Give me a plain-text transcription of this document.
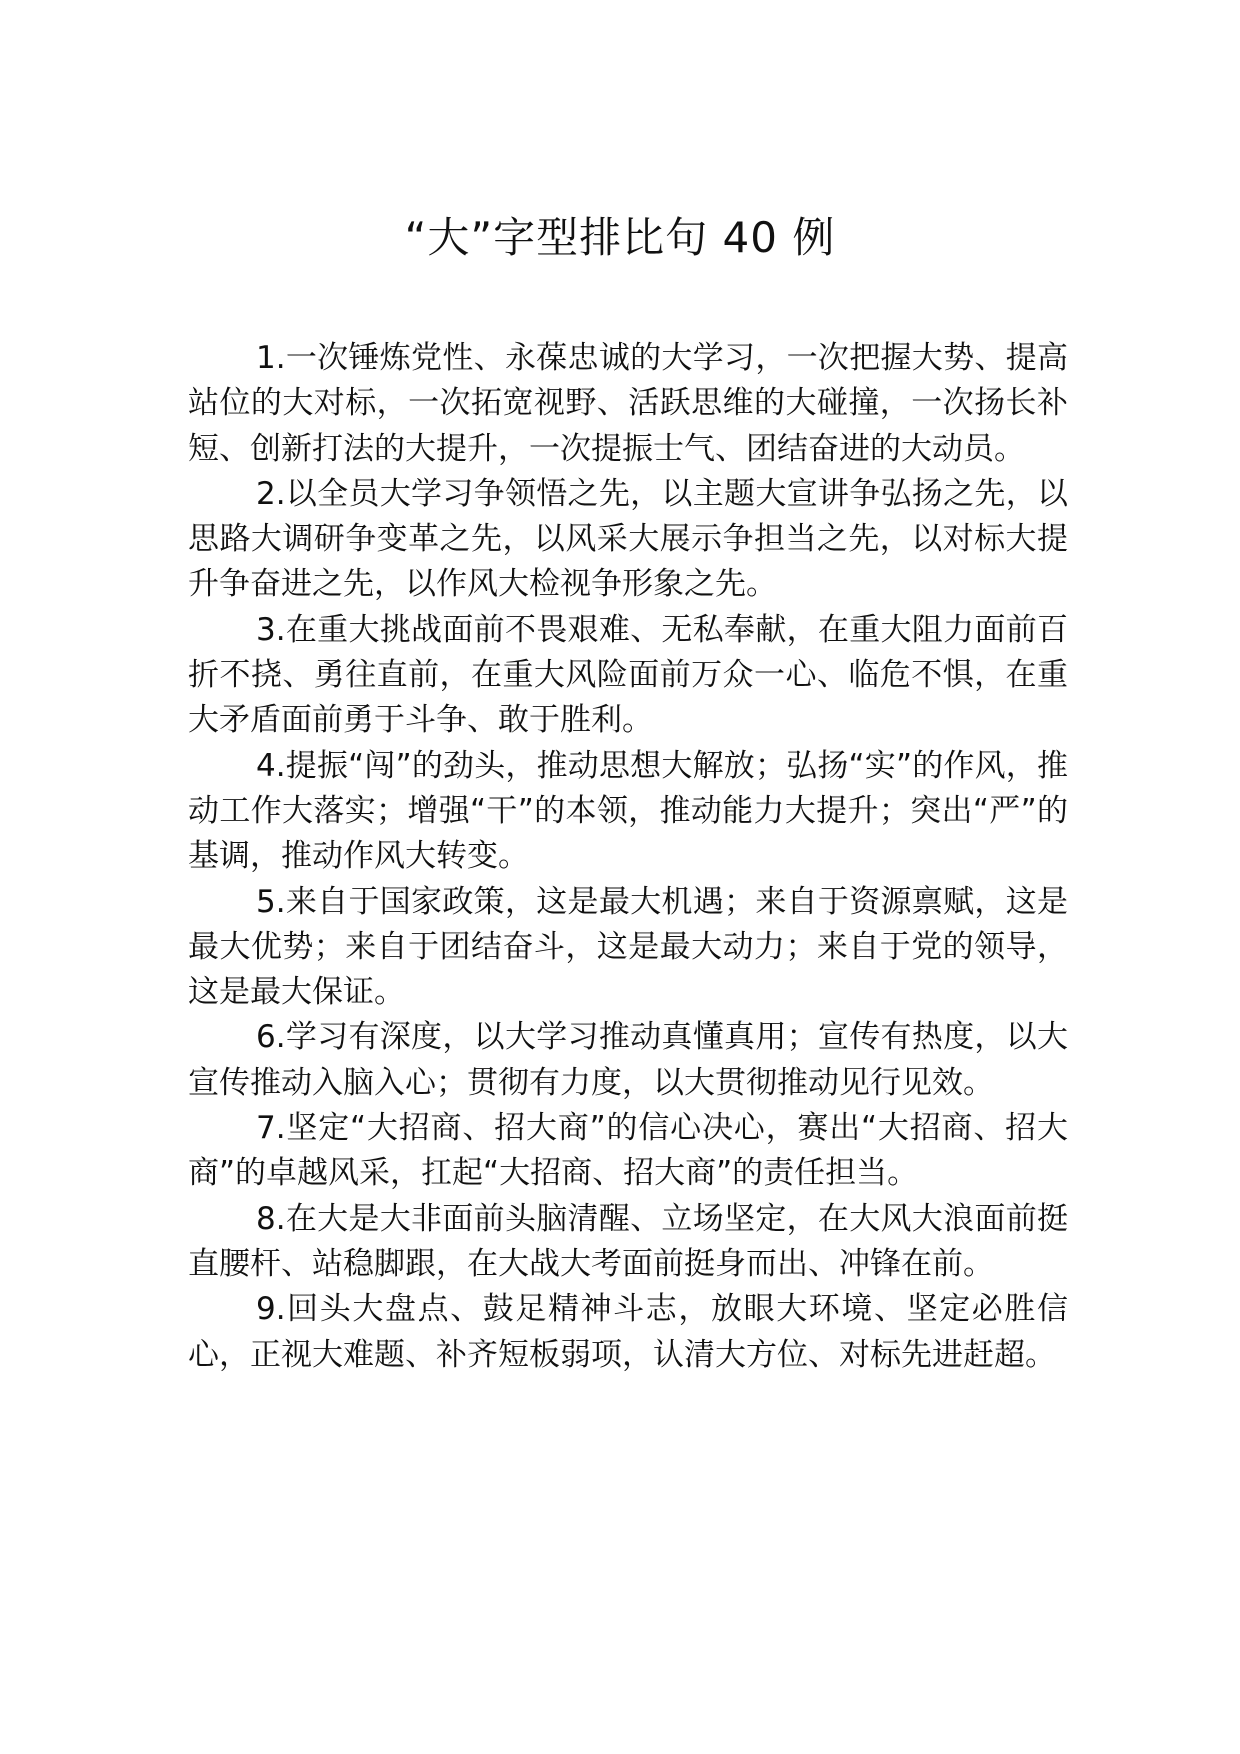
“大”字型排比句 40 例

1.一次锤炼党性、永葆忠诚的大学习，一次把握大势、提高站位的大对标，一次拓宽视野、活跃思维的大碰撞，一次扬长补短、创新打法的大提升，一次提振士气、团结奋进的大动员。

2.以全员大学习争领悟之先，以主题大宣讲争弘扬之先，以思路大调研争变革之先，以风采大展示争担当之先，以对标大提升争奋进之先，以作风大检视争形象之先。

3.在重大挑战面前不畏艰难、无私奉献，在重大阻力面前百折不挠、勇往直前，在重大风险面前万众一心、临危不惧，在重大矛盾面前勇于斗争、敢于胜利。

4.提振“闯”的劲头，推动思想大解放；弘扬“实”的作风，推动工作大落实；增强“干”的本领，推动能力大提升；突出“严”的基调，推动作风大转变。

5.来自于国家政策，这是最大机遇；来自于资源禀赋，这是最大优势；来自于团结奋斗，这是最大动力；来自于党的领导，这是最大保证。

6.学习有深度，以大学习推动真懂真用；宣传有热度，以大宣传推动入脑入心；贯彻有力度，以大贯彻推动见行见效。

7.坚定“大招商、招大商”的信心决心，赛出“大招商、招大商”的卓越风采，扛起“大招商、招大商”的责任担当。

8.在大是大非面前头脑清醒、立场坚定，在大风大浪面前挺直腰杆、站稳脚跟，在大战大考面前挺身而出、冲锋在前。

9.回头大盘点、鼓足精神斗志，放眼大环境、坚定必胜信心，正视大难题、补齐短板弱项，认清大方位、对标先进赶超。
